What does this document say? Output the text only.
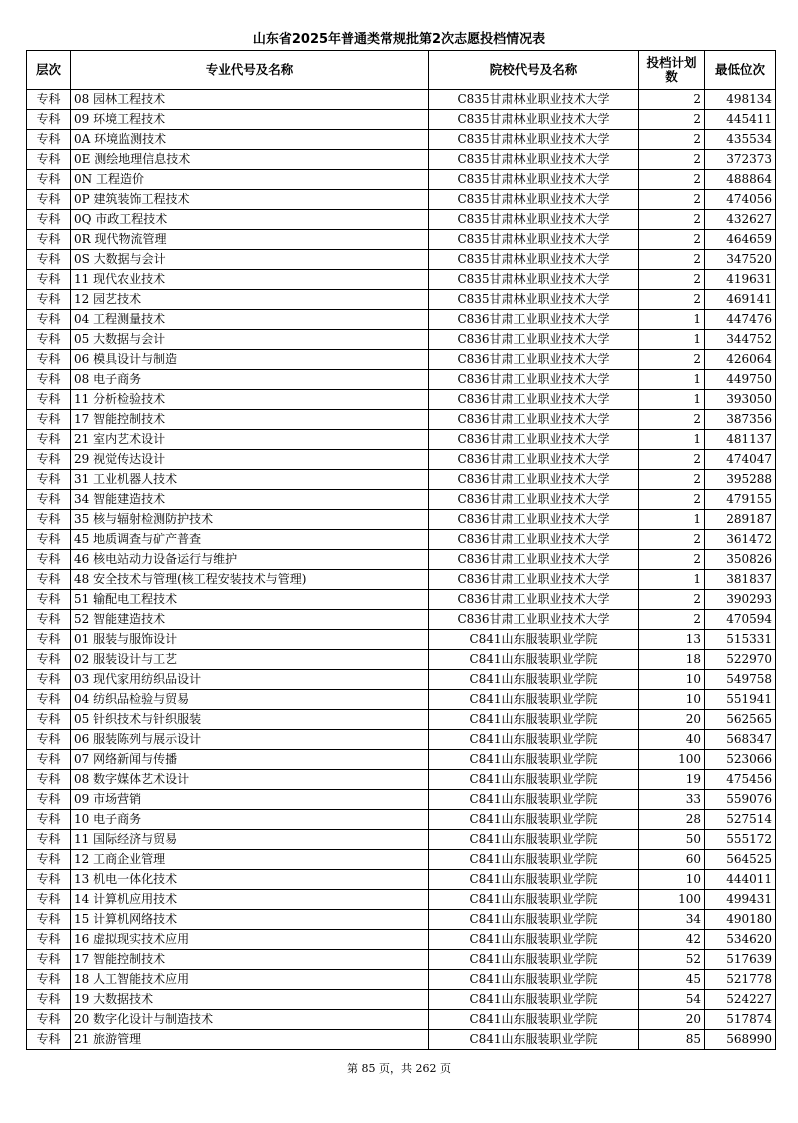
山东省2025年普通类常规批第2次志愿投档情况表
层次	专业代号及名称	院校代号及名称	投档计划数	最低位次
专科	08 园林工程技术	C835甘肃林业职业技术大学	2	498134
专科	09 环境工程技术	C835甘肃林业职业技术大学	2	445411
专科	0A 环境监测技术	C835甘肃林业职业技术大学	2	435534
专科	0E 测绘地理信息技术	C835甘肃林业职业技术大学	2	372373
专科	0N 工程造价	C835甘肃林业职业技术大学	2	488864
专科	0P 建筑装饰工程技术	C835甘肃林业职业技术大学	2	474056
专科	0Q 市政工程技术	C835甘肃林业职业技术大学	2	432627
专科	0R 现代物流管理	C835甘肃林业职业技术大学	2	464659
专科	0S 大数据与会计	C835甘肃林业职业技术大学	2	347520
专科	11 现代农业技术	C835甘肃林业职业技术大学	2	419631
专科	12 园艺技术	C835甘肃林业职业技术大学	2	469141
专科	04 工程测量技术	C836甘肃工业职业技术大学	1	447476
专科	05 大数据与会计	C836甘肃工业职业技术大学	1	344752
专科	06 模具设计与制造	C836甘肃工业职业技术大学	2	426064
专科	08 电子商务	C836甘肃工业职业技术大学	1	449750
专科	11 分析检验技术	C836甘肃工业职业技术大学	1	393050
专科	17 智能控制技术	C836甘肃工业职业技术大学	2	387356
专科	21 室内艺术设计	C836甘肃工业职业技术大学	1	481137
专科	29 视觉传达设计	C836甘肃工业职业技术大学	2	474047
专科	31 工业机器人技术	C836甘肃工业职业技术大学	2	395288
专科	34 智能建造技术	C836甘肃工业职业技术大学	2	479155
专科	35 核与辐射检测防护技术	C836甘肃工业职业技术大学	1	289187
专科	45 地质调查与矿产普查	C836甘肃工业职业技术大学	2	361472
专科	46 核电站动力设备运行与维护	C836甘肃工业职业技术大学	2	350826
专科	48 安全技术与管理(核工程安装技术与管理)	C836甘肃工业职业技术大学	1	381837
专科	51 输配电工程技术	C836甘肃工业职业技术大学	2	390293
专科	52 智能建造技术	C836甘肃工业职业技术大学	2	470594
专科	01 服装与服饰设计	C841山东服装职业学院	13	515331
专科	02 服装设计与工艺	C841山东服装职业学院	18	522970
专科	03 现代家用纺织品设计	C841山东服装职业学院	10	549758
专科	04 纺织品检验与贸易	C841山东服装职业学院	10	551941
专科	05 针织技术与针织服装	C841山东服装职业学院	20	562565
专科	06 服装陈列与展示设计	C841山东服装职业学院	40	568347
专科	07 网络新闻与传播	C841山东服装职业学院	100	523066
专科	08 数字媒体艺术设计	C841山东服装职业学院	19	475456
专科	09 市场营销	C841山东服装职业学院	33	559076
专科	10 电子商务	C841山东服装职业学院	28	527514
专科	11 国际经济与贸易	C841山东服装职业学院	50	555172
专科	12 工商企业管理	C841山东服装职业学院	60	564525
专科	13 机电一体化技术	C841山东服装职业学院	10	444011
专科	14 计算机应用技术	C841山东服装职业学院	100	499431
专科	15 计算机网络技术	C841山东服装职业学院	34	490180
专科	16 虚拟现实技术应用	C841山东服装职业学院	42	534620
专科	17 智能控制技术	C841山东服装职业学院	52	517639
专科	18 人工智能技术应用	C841山东服装职业学院	45	521778
专科	19 大数据技术	C841山东服装职业学院	54	524227
专科	20 数字化设计与制造技术	C841山东服装职业学院	20	517874
专科	21 旅游管理	C841山东服装职业学院	85	568990
第 85 页，共 262 页
